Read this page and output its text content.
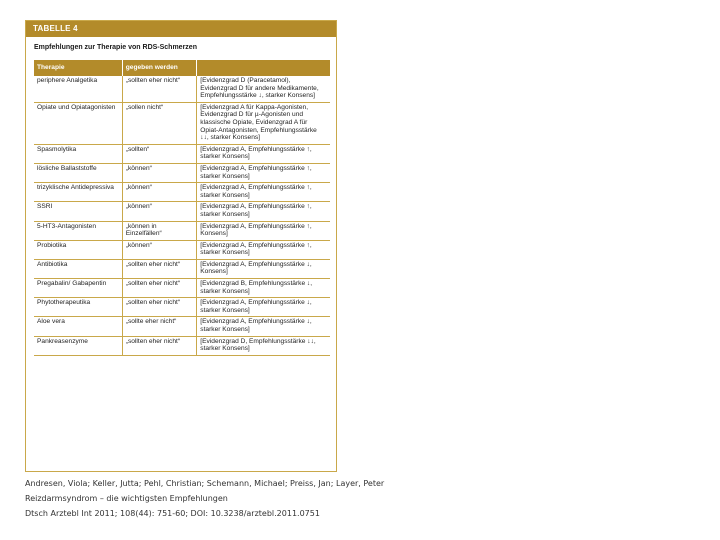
TABELLE 4
Empfehlungen zur Therapie von RDS-Schmerzen
Therapie	gegeben werden	
periphere Analgetika	„sollten eher nicht“	[Evidenzgrad D (Paracetamol), Evidenzgrad D für andere Medikamente, Empfehlungsstärke ↓, starker Konsens]
Opiate und Opiatagonisten	„sollen nicht“	[Evidenzgrad A für Kappa-Agonisten, Evidenzgrad D für µ-Agonisten und klassische Opiate, Evidenzgrad A für Opiat-Antagonisten, Empfehlungsstärke ↓↓, starker Konsens]
Spasmolytika	„sollten“	[Evidenzgrad A, Empfehlungsstärke ↑, starker Konsens]
lösliche Ballaststoffe	„können“	[Evidenzgrad A, Empfehlungsstärke ↑, starker Konsens]
trizyklische Antidepressiva	„können“	[Evidenzgrad A, Empfehlungsstärke ↑, starker Konsens]
SSRI	„können“	[Evidenzgrad A, Empfehlungsstärke ↑, starker Konsens]
5-HT3-Antagonisten	„können in Einzelfällen“	[Evidenzgrad A, Empfehlungsstärke ↑, Konsens]
Probiotika	„können“	[Evidenzgrad A, Empfehlungsstärke ↑, starker Konsens]
Antibiotika	„sollten eher nicht“	[Evidenzgrad A, Empfehlungsstärke ↓, Konsens]
Pregabalin/ Gabapentin	„sollten eher nicht“	[Evidenzgrad B, Empfehlungsstärke ↓, starker Konsens]
Phytotherapeutika	„sollten eher nicht“	[Evidenzgrad A, Empfehlungsstärke ↓, starker Konsens]
Aloe vera	„sollte eher nicht“	[Evidenzgrad A, Empfehlungsstärke ↓, starker Konsens]
Pankreasenzyme	„sollten eher nicht“	[Evidenzgrad D, Empfehlungsstärke ↓↓, starker Konsens]
Andresen, Viola; Keller, Jutta; Pehl, Christian; Schemann, Michael; Preiss, Jan; Layer, Peter
Reizdarmsyndrom – die wichtigsten Empfehlungen
Dtsch Arztebl Int 2011; 108(44): 751-60; DOI: 10.3238/arztebl.2011.0751
